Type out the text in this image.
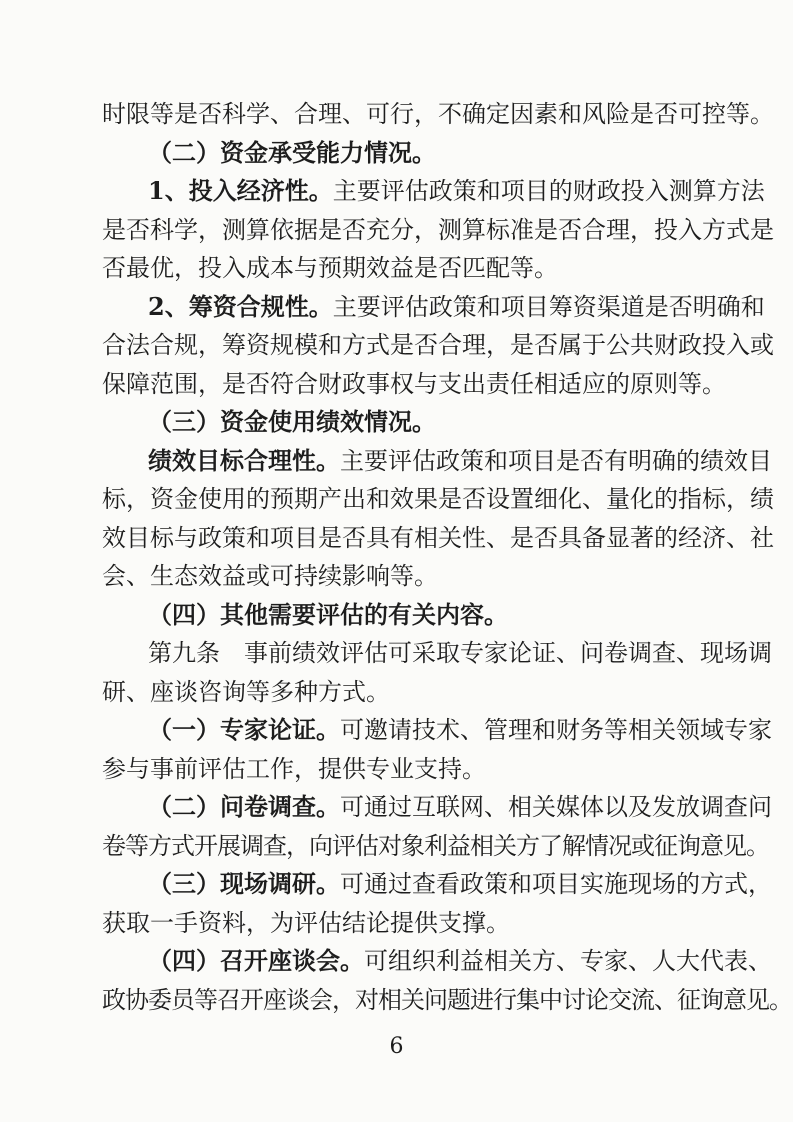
时限等是否科学、合理、可行，不确定因素和风险是否可控等。
（二）资金承受能力情况。
1、投入经济性。主要评估政策和项目的财政投入测算方法
是否科学，测算依据是否充分，测算标准是否合理，投入方式是
否最优，投入成本与预期效益是否匹配等。
2、筹资合规性。主要评估政策和项目筹资渠道是否明确和
合法合规，筹资规模和方式是否合理，是否属于公共财政投入或
保障范围，是否符合财政事权与支出责任相适应的原则等。
（三）资金使用绩效情况。
绩效目标合理性。主要评估政策和项目是否有明确的绩效目
标，资金使用的预期产出和效果是否设置细化、量化的指标，绩
效目标与政策和项目是否具有相关性、是否具备显著的经济、社
会、生态效益或可持续影响等。
（四）其他需要评估的有关内容。
第九条　事前绩效评估可采取专家论证、问卷调查、现场调
研、座谈咨询等多种方式。
（一）专家论证。可邀请技术、管理和财务等相关领域专家
参与事前评估工作，提供专业支持。
（二）问卷调查。可通过互联网、相关媒体以及发放调查问
卷等方式开展调查，向评估对象利益相关方了解情况或征询意见。
（三）现场调研。可通过查看政策和项目实施现场的方式，
获取一手资料，为评估结论提供支撑。
（四）召开座谈会。可组织利益相关方、专家、人大代表、
政协委员等召开座谈会，对相关问题进行集中讨论交流、征询意见。
6
